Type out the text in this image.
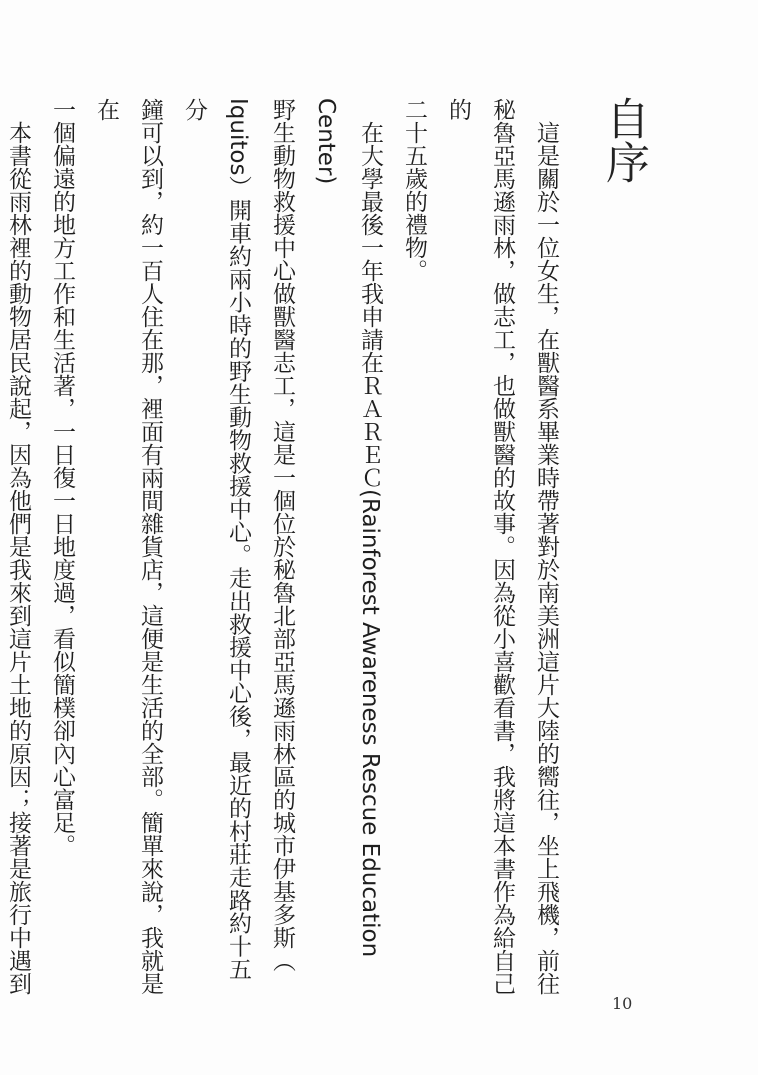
自序

　這是關於一位女生，在獸醫系畢業時帶著對於南美洲這片大陸的嚮往，坐上飛機，前往

秘魯亞馬遜雨林，做志工，也做獸醫的故事。因為從小喜歡看書，我將這本書作為給自己的

二十五歲的禮物。

　在大學最後一年我申請在ＲＡＲＥＣ(Rainforest Awareness Rescue Education Center)

野生動物救援中心做獸醫志工，這是一個位於秘魯北部亞馬遜雨林區的城市伊基多斯（

Iquitos）開車約兩小時的野生動物救援中心。走出救援中心後，最近的村莊走路約十五分

鐘可以到，約一百人住在那，裡面有兩間雜貨店，這便是生活的全部。簡單來說，我就是在

一個偏遠的地方工作和生活著，一日復一日地度過，看似簡樸卻內心富足。

　本書從雨林裡的動物居民說起，因為他們是我來到這片土地的原因；接著是旅行中遇到

10
